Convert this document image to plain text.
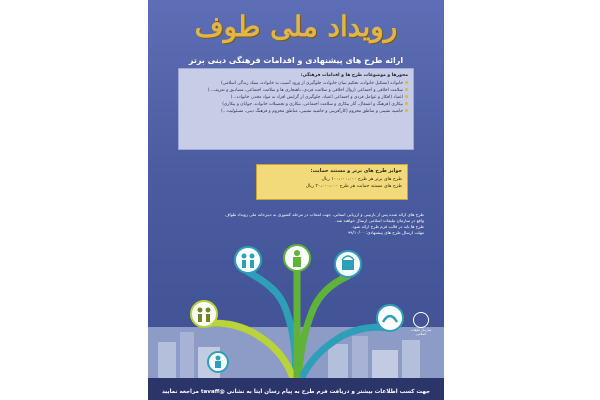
رویداد ملی طوف
ارائه طرح های پیشنهادی و اقدامات فرهنگی دینی برتر
محورها و موضوعات طرح ها و اقدامات فرهنگی:
خانواده (تشکیل خانواده، تحکیم بنیان خانواده، جلوگیری از ورود آسیب به خانواده، سبک زندگی اسلامی)
سلامت اخلاقی و اجتماعی (زوال اخلاقی و سلامت فردی، ناهنجاری ها و سلامت اجتماعی، مصادیق و تعریف...)
اعتیاد (افکار و عوامل فردی و اجتماعی اعتیاد، جلوگیری از گرایش افراد به مواد مخدر، خانواده...)
بیکاری (فرهنگ و اشتغال، آثار بیکاری و سلامت اجتماعی، بیکاری و تحصیلات خانواده، جوانان و بیکاری)
حاشیه نشینی و مناطق محروم (کارآفرینی و حاشیه نشینی، مناطق محروم و فرهنگ دینی، مسئولیت...)
جوایز طرح های برتر و مستند حمایت:
طرح های برتر هر طرح ۱۰۰،۰۰۰،۰۰۰ ریال
طرح های مستند حمایت هر طرح ۲۰،۰۰۰،۰۰۰ ریال
طرح های ارائه شده پس از بازبینی و ارزیابی استانی، جهت انتخاب در مرحله کشوری به دبیرخانه ملی رویداد طواف
واقع در سازمان تبلیغات اسلامی ارسال خواهند شد.
طرح ها باید در قالب فرم طرح ارائه شود.
مهلت ارسال طرح های پیشنهادی: ۹۹/۱۰/۰۰
سازمان تبلیغات اسلامی
جهت کسب اطلاعات بیشتر و دریافت فرم طرح به پیام رسان ایتا به نشانی @tavaff مراجعه نمایید
